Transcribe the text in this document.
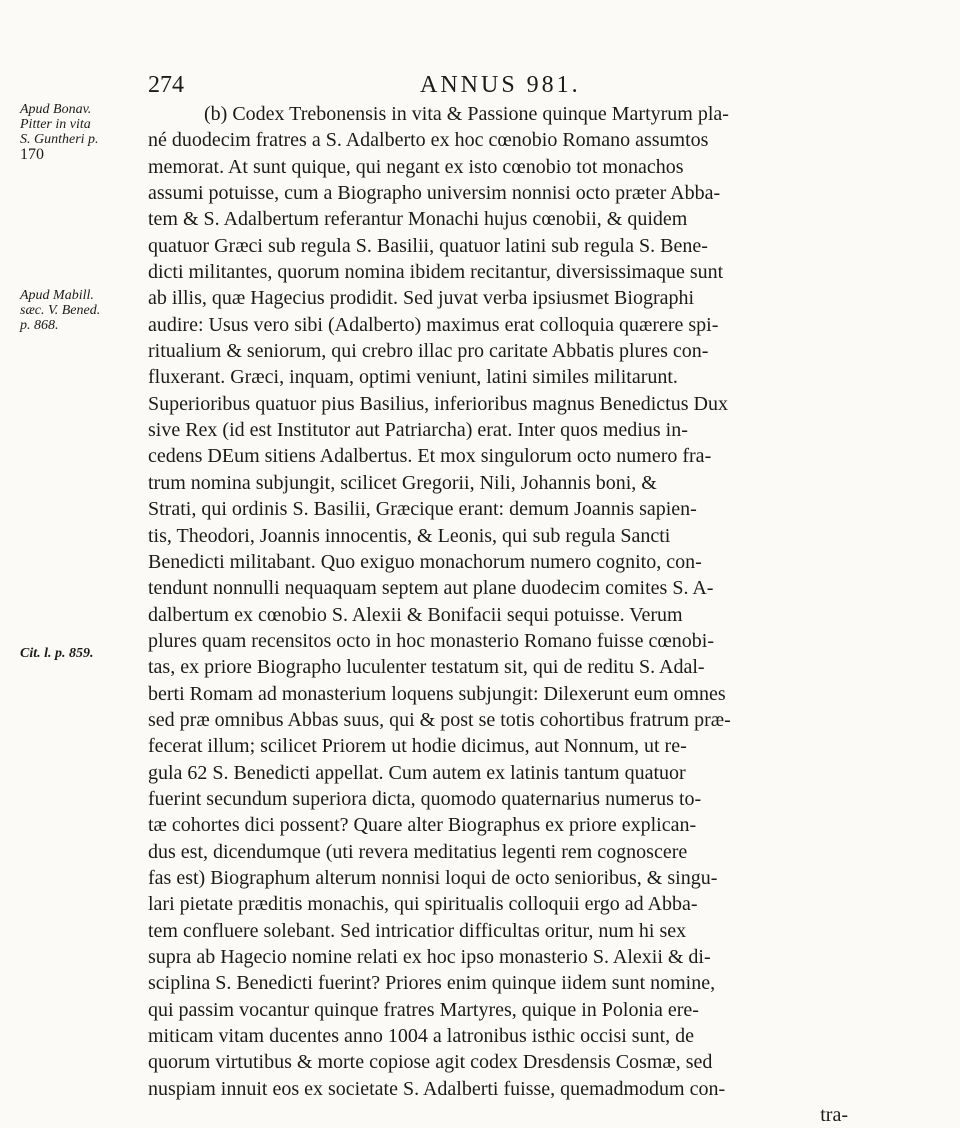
274	ANNUS 981.
Apud Bonav.
Pitter in vita
S. Guntheri p.
170
Apud Mabill.
sæc. V. Bened.
p. 868.
Cit. l. p. 859.
(b) Codex Trebonensis in vita & Passione quinque Martyrum pla-
né duodecim fratres a S. Adalberto ex hoc cœnobio Romano assumtos
memorat. At sunt quique, qui negant ex isto cœnobio tot monachos
assumi potuisse, cum a Biographo universim nonnisi octo præter Abba-
tem & S. Adalbertum referantur Monachi hujus cœnobii, & quidem
quatuor Græci sub regula S. Basilii, quatuor latini sub regula S. Bene-
dicti militantes, quorum nomina ibidem recitantur, diversissimaque sunt
ab illis, quæ Hagecius prodidit. Sed juvat verba ipsiusmet Biographi
audire: Usus vero sibi (Adalberto) maximus erat colloquia quærere spi-
ritualium & seniorum, qui crebro illac pro caritate Abbatis plures con-
fluxerant. Græci, inquam, optimi veniunt, latini similes militarunt.
Superioribus quatuor pius Basilius, inferioribus magnus Benedictus Dux
sive Rex (id est Institutor aut Patriarcha) erat. Inter quos medius in-
cedens DEum sitiens Adalbertus. Et mox singulorum octo numero fra-
trum nomina subjungit, scilicet Gregorii, Nili, Johannis boni, &
Strati, qui ordinis S. Basilii, Græcique erant: demum Joannis sapien-
tis, Theodori, Joannis innocentis, & Leonis, qui sub regula Sancti
Benedicti militabant. Quo exiguo monachorum numero cognito, con-
tendunt nonnulli nequaquam septem aut plane duodecim comites S. A-
dalbertum ex cœnobio S. Alexii & Bonifacii sequi potuisse. Verum
plures quam recensitos octo in hoc monasterio Romano fuisse cœnobi-
tas, ex priore Biographo luculenter testatum sit, qui de reditu S. Adal-
berti Romam ad monasterium loquens subjungit: Dilexerunt eum omnes
sed præ omnibus Abbas suus, qui & post se totis cohortibus fratrum præ-
fecerat illum; scilicet Priorem ut hodie dicimus, aut Nonnum, ut re-
gula 62 S. Benedicti appellat. Cum autem ex latinis tantum quatuor
fuerint secundum superiora dicta, quomodo quaternarius numerus to-
tæ cohortes dici possent? Quare alter Biographus ex priore explican-
dus est, dicendumque (uti revera meditatius legenti rem cognoscere
fas est) Biographum alterum nonnisi loqui de octo senioribus, & singu-
lari pietate præditis monachis, qui spiritualis colloquii ergo ad Abba-
tem confluere solebant. Sed intricatior difficultas oritur, num hi sex
supra ab Hagecio nomine relati ex hoc ipso monasterio S. Alexii & di-
sciplina S. Benedicti fuerint? Priores enim quinque iidem sunt nomine,
qui passim vocantur quinque fratres Martyres, quique in Polonia ere-
miticam vitam ducentes anno 1004 a latronibus isthic occisi sunt, de
quorum virtutibus & morte copiose agit codex Dresdensis Cosmæ, sed
nuspiam innuit eos ex societate S. Adalberti fuisse, quemadmodum con-
tra-
